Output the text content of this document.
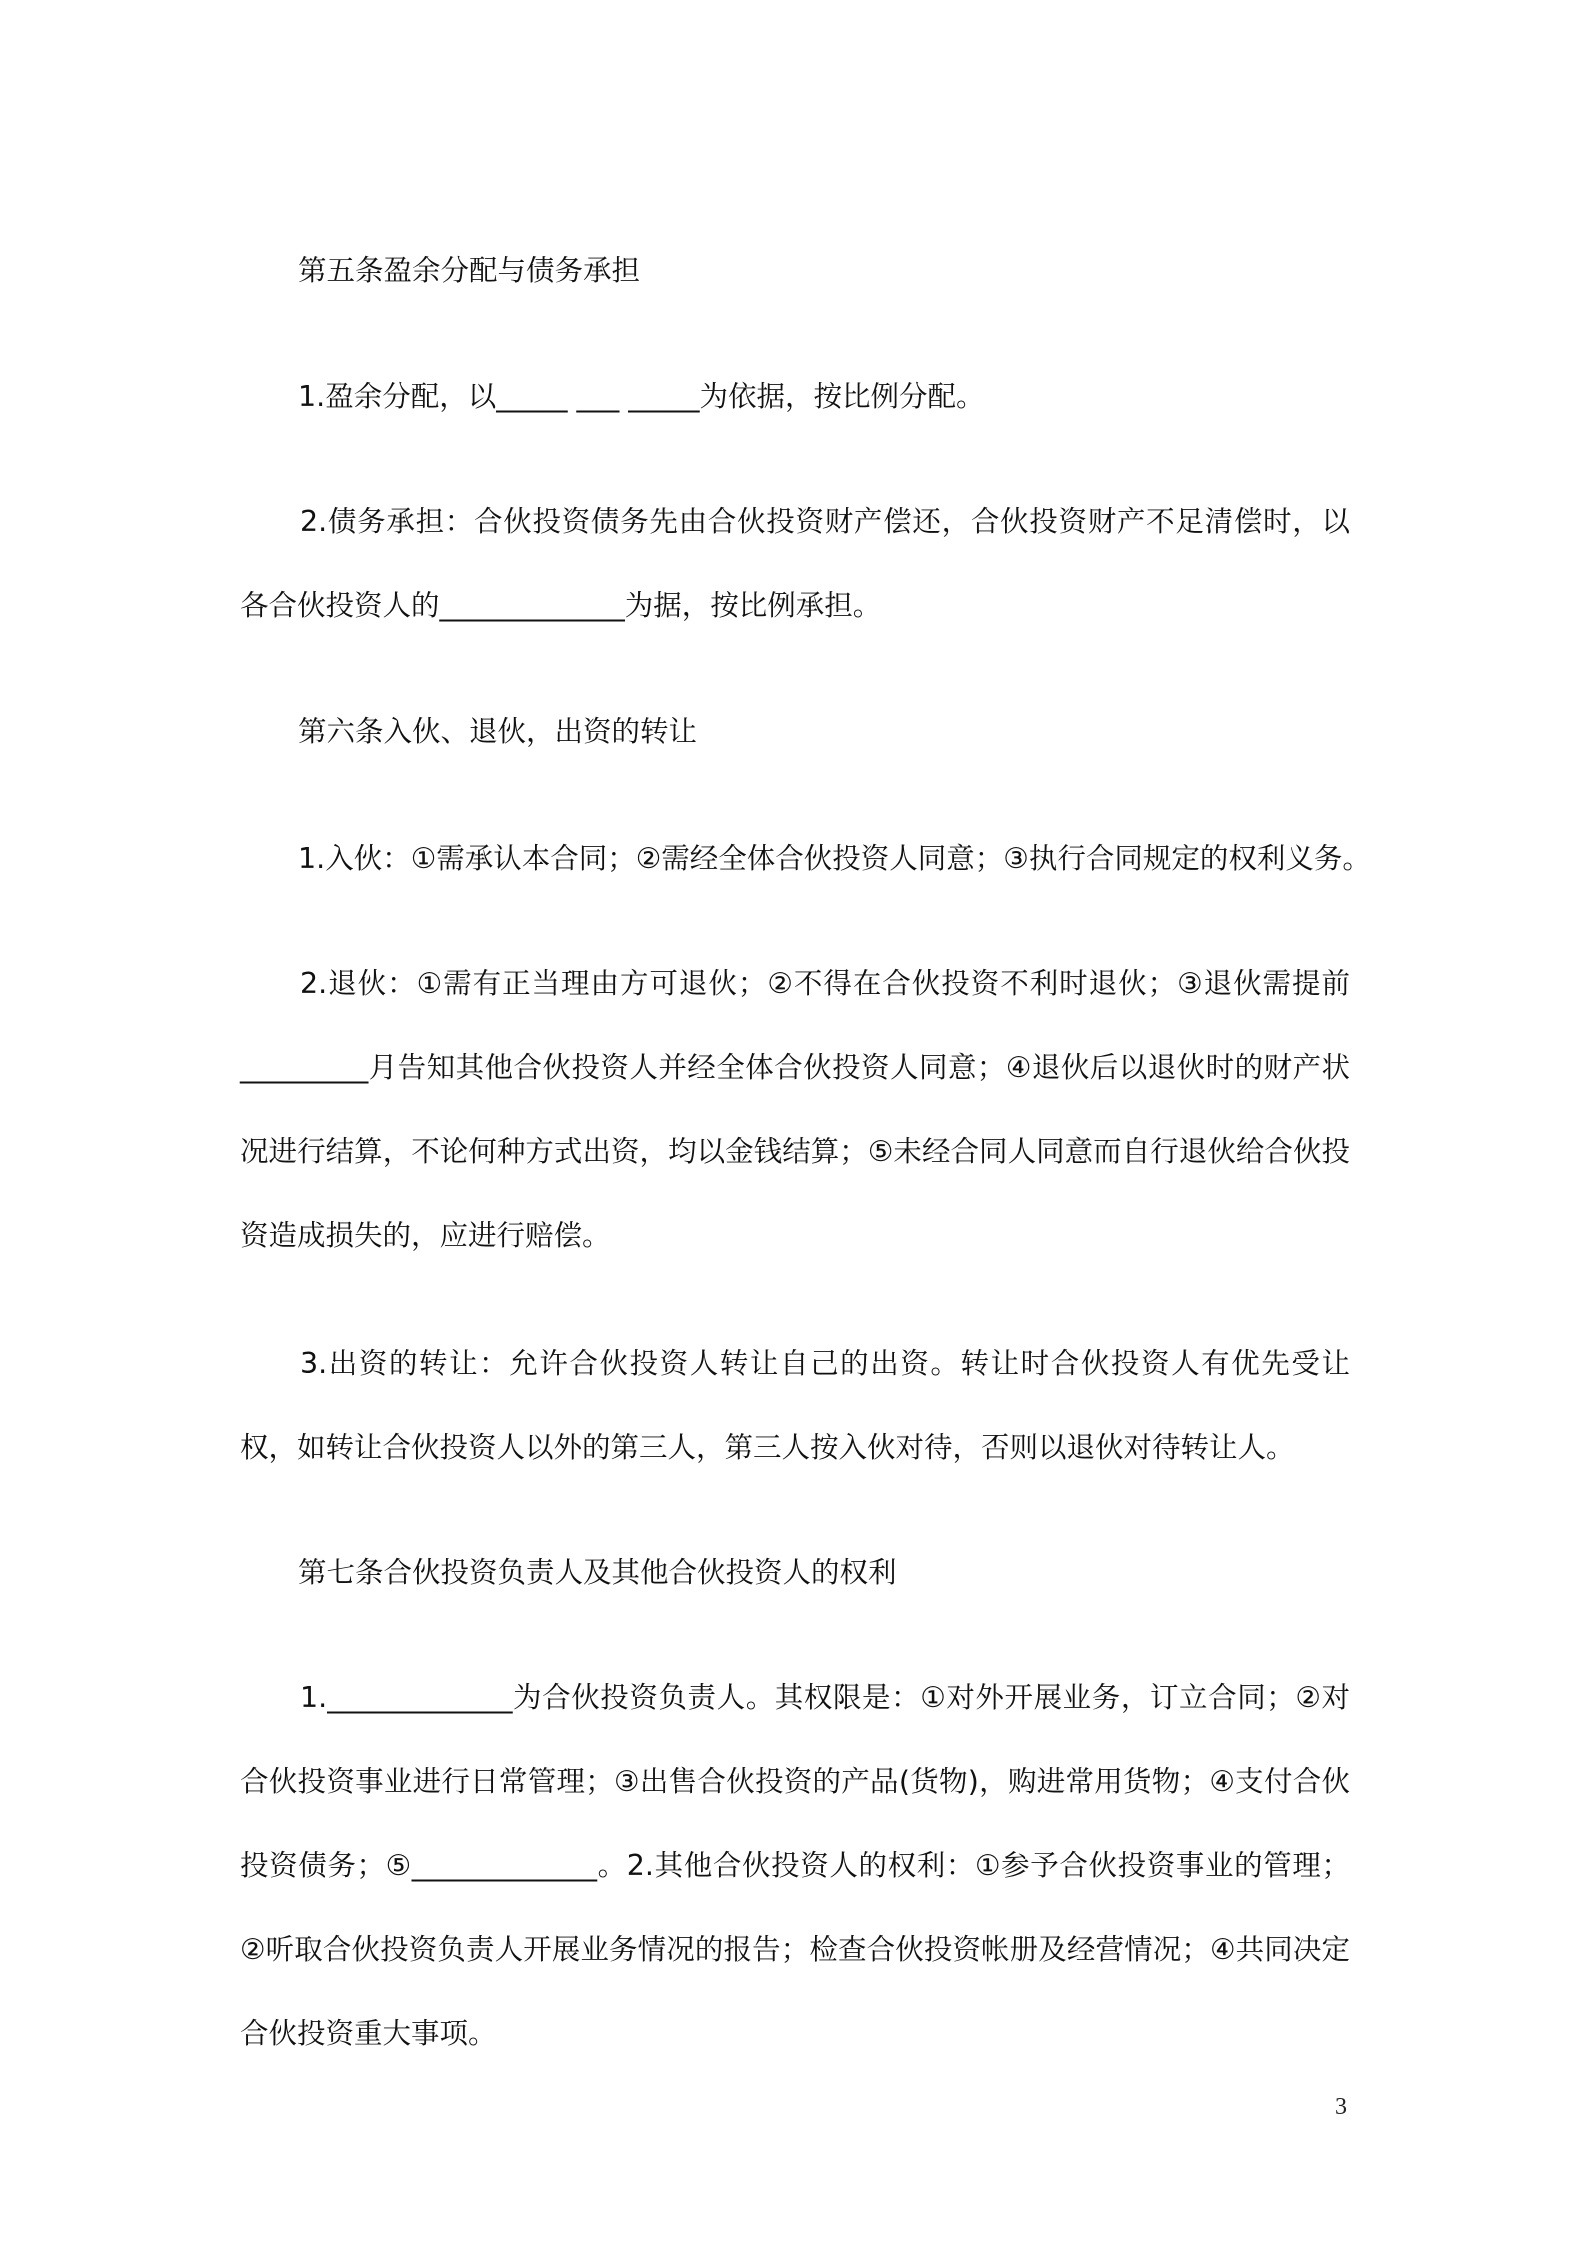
第五条盈余分配与债务承担
1.盈余分配，以_____ ___ _____为依据，按比例分配。
2.债务承担：合伙投资债务先由合伙投资财产偿还，合伙投资财产不足清偿时，以各合伙投资人的_____________为据，按比例承担。
第六条入伙、退伙，出资的转让
1.入伙：①需承认本合同；②需经全体合伙投资人同意；③执行合同规定的权利义务。
2.退伙：①需有正当理由方可退伙；②不得在合伙投资不利时退伙；③退伙需提前_________月告知其他合伙投资人并经全体合伙投资人同意；④退伙后以退伙时的财产状况进行结算，不论何种方式出资，均以金钱结算；⑤未经合同人同意而自行退伙给合伙投资造成损失的，应进行赔偿。
3.出资的转让：允许合伙投资人转让自己的出资。转让时合伙投资人有优先受让权，如转让合伙投资人以外的第三人，第三人按入伙对待，否则以退伙对待转让人。
第七条合伙投资负责人及其他合伙投资人的权利
1._____________为合伙投资负责人。其权限是：①对外开展业务，订立合同；②对合伙投资事业进行日常管理；③出售合伙投资的产品(货物)，购进常用货物；④支付合伙投资债务；⑤_____________。2.其他合伙投资人的权利：①参予合伙投资事业的管理；②听取合伙投资负责人开展业务情况的报告；检查合伙投资帐册及经营情况；④共同决定合伙投资重大事项。
3
